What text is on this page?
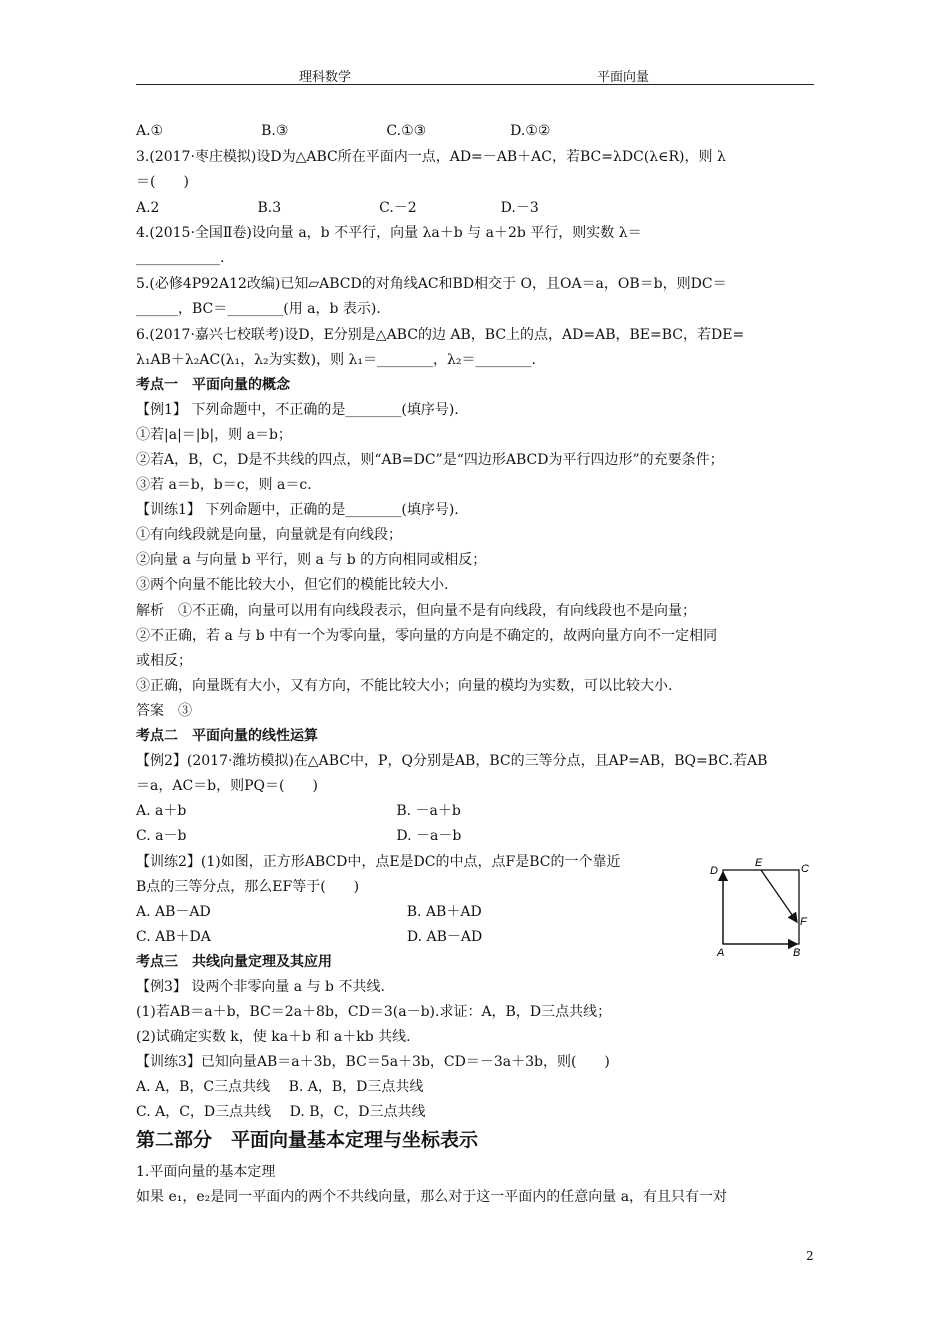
理科数学	平面向量
A.①　　　　　　　B.③　　　　　　　C.①③　　　　　　D.①②
3.(2017·枣庄模拟)设D为△ABC所在平面内一点，AD=－AB＋AC，若BC=λDC(λ∈R)，则 λ
＝(　　)
A.2　　　　　　　B.3　　　　　　　C.－2　　　　　　D.－3
4.(2015·全国Ⅱ卷)设向量 a，b 不平行，向量 λa＋b 与 a＋2b 平行，则实数 λ＝
____________.
5.(必修4P92A12改编)已知▱ABCD的对角线AC和BD相交于 O，且OA＝a，OB＝b，则DC＝
______，BC＝________(用 a，b 表示).
6.(2017·嘉兴七校联考)设D，E分别是△ABC的边 AB，BC上的点，AD=AB，BE=BC，若DE=
λ₁AB＋λ₂AC(λ₁，λ₂为实数)，则 λ₁＝________，λ₂＝________.
考点一　平面向量的概念
【例1】 下列命题中，不正确的是________(填序号).
①若|a|＝|b|，则 a＝b；
②若A，B，C，D是不共线的四点，则“AB=DC”是“四边形ABCD为平行四边形”的充要条件；
③若 a＝b，b＝c，则 a＝c.
【训练1】 下列命题中，正确的是________(填序号).
①有向线段就是向量，向量就是有向线段；
②向量 a 与向量 b 平行，则 a 与 b 的方向相同或相反；
③两个向量不能比较大小，但它们的模能比较大小.
解析　①不正确，向量可以用有向线段表示，但向量不是有向线段，有向线段也不是向量；
②不正确，若 a 与 b 中有一个为零向量，零向量的方向是不确定的，故两向量方向不一定相同
或相反；
③正确，向量既有大小，又有方向，不能比较大小；向量的模均为实数，可以比较大小.
答案　③
考点二　平面向量的线性运算
【例2】(2017·潍坊模拟)在△ABC中，P，Q分别是AB，BC的三等分点，且AP=AB，BQ=BC.若AB
＝a，AC＝b，则PQ＝(　　)
A. a＋b　　　　　　　　　　　　　　　B. －a＋b
C. a－b　　　　　　　　　　　　　　　D. －a－b
【训练2】(1)如图，正方形ABCD中，点E是DC的中点，点F是BC的一个靠近
B点的三等分点，那么EF等于(　　)
A. AB－AD　　　　　　　　　　　　　　B. AB＋AD
C. AB＋DA　　　　　　　　　　　　　　D. AB－AD
考点三　共线向量定理及其应用
【例3】 设两个非零向量 a 与 b 不共线.
(1)若AB＝a＋b，BC＝2a＋8b，CD＝3(a－b).求证：A，B，D三点共线；
(2)试确定实数 k，使 ka＋b 和 a＋kb 共线.
【训练3】已知向量AB＝a＋3b，BC＝5a＋3b，CD＝－3a＋3b，则(　　)
A. A，B，C三点共线　 B. A，B，D三点共线
C. A，C，D三点共线　 D. B，C，D三点共线
第二部分　平面向量基本定理与坐标表示
1.平面向量的基本定理
如果 e₁，e₂是同一平面内的两个不共线向量，那么对于这一平面内的任意向量 a，有且只有一对
D
E	C
F
A	B
2
